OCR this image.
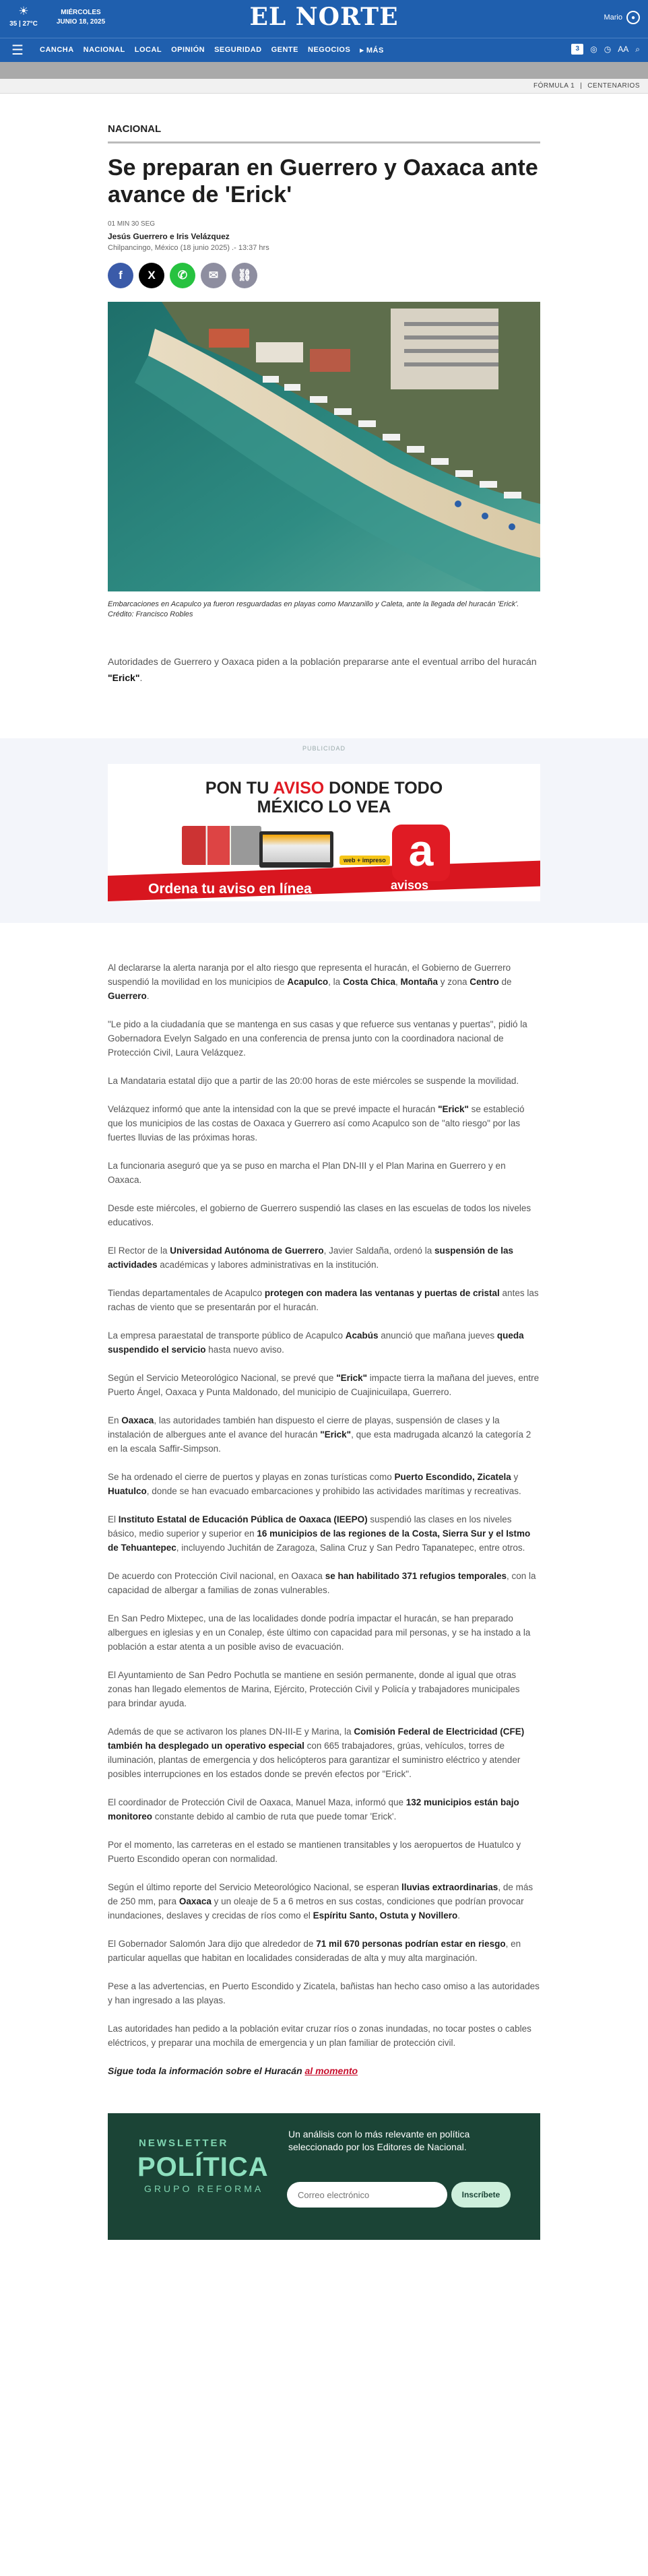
☀
35 | 27°C
MIÉRCOLES
JUNIO 18, 2025	EL NORTE	Mario	●
☰	CANCHA	NACIONAL	LOCAL	OPINIÓN	SEGURIDAD	GENTE	NEGOCIOS	▸ MÁS	3	◎ ◷ AA ⌕
FÓRMULA 1 | CENTENARIOS
NACIONAL
Se preparan en Guerrero y Oaxaca ante avance de 'Erick'
01 MIN 30 SEG
Jesús Guerrero e Iris Velázquez
Chilpancingo, México (18 junio 2025) .- 13:37 hrs
f	X	✆	✉	⛓
Embarcaciones en Acapulco ya fueron resguardadas en playas como Manzanillo y Caleta, ante la llegada del huracán 'Erick'. Crédito: Francisco Robles

Autoridades de Guerrero y Oaxaca piden a la población prepararse ante el eventual arribo del huracán "Erick".

PUBLICIDAD
PON TU AVISO DONDE TODO
MÉXICO LO VEA
web + impreso
Ordena tu aviso en línea
a
avisos

Al declararse la alerta naranja por el alto riesgo que representa el huracán, el Gobierno de Guerrero suspendió la movilidad en los municipios de Acapulco, la Costa Chica, Montaña y zona Centro de Guerrero.

"Le pido a la ciudadanía que se mantenga en sus casas y que refuerce sus ventanas y puertas", pidió la Gobernadora Evelyn Salgado en una conferencia de prensa junto con la coordinadora nacional de Protección Civil, Laura Velázquez.

La Mandataria estatal dijo que a partir de las 20:00 horas de este miércoles se suspende la movilidad.

Velázquez informó que ante la intensidad con la que se prevé impacte el huracán "Erick" se estableció que los municipios de las costas de Oaxaca y Guerrero así como Acapulco son de "alto riesgo" por las fuertes lluvias de las próximas horas.

La funcionaria aseguró que ya se puso en marcha el Plan DN-III y el Plan Marina en Guerrero y en Oaxaca.

Desde este miércoles, el gobierno de Guerrero suspendió las clases en las escuelas de todos los niveles educativos.

El Rector de la Universidad Autónoma de Guerrero, Javier Saldaña, ordenó la suspensión de las actividades académicas y labores administrativas en la institución.

Tiendas departamentales de Acapulco protegen con madera las ventanas y puertas de cristal antes las rachas de viento que se presentarán por el huracán.

La empresa paraestatal de transporte público de Acapulco Acabús anunció que mañana jueves queda suspendido el servicio hasta nuevo aviso.

Según el Servicio Meteorológico Nacional, se prevé que "Erick" impacte tierra la mañana del jueves, entre Puerto Ángel, Oaxaca y Punta Maldonado, del municipio de Cuajinicuilapa, Guerrero.

En Oaxaca, las autoridades también han dispuesto el cierre de playas, suspensión de clases y la instalación de albergues ante el avance del huracán "Erick", que esta madrugada alcanzó la categoría 2 en la escala Saffir-Simpson.

Se ha ordenado el cierre de puertos y playas en zonas turísticas como Puerto Escondido, Zicatela y Huatulco, donde se han evacuado embarcaciones y prohibido las actividades marítimas y recreativas.

El Instituto Estatal de Educación Pública de Oaxaca (IEEPO) suspendió las clases en los niveles básico, medio superior y superior en 16 municipios de las regiones de la Costa, Sierra Sur y el Istmo de Tehuantepec, incluyendo Juchitán de Zaragoza, Salina Cruz y San Pedro Tapanatepec, entre otros.

De acuerdo con Protección Civil nacional, en Oaxaca se han habilitado 371 refugios temporales, con la capacidad de albergar a familias de zonas vulnerables.

En San Pedro Mixtepec, una de las localidades donde podría impactar el huracán, se han preparado albergues en iglesias y en un Conalep, éste último con capacidad para mil personas, y se ha instado a la población a estar atenta a un posible aviso de evacuación.

El Ayuntamiento de San Pedro Pochutla se mantiene en sesión permanente, donde al igual que otras zonas han llegado elementos de Marina, Ejército, Protección Civil y Policía y trabajadores municipales para brindar ayuda.

Además de que se activaron los planes DN-III-E y Marina, la Comisión Federal de Electricidad (CFE) también ha desplegado un operativo especial con 665 trabajadores, grúas, vehículos, torres de iluminación, plantas de emergencia y dos helicópteros para garantizar el suministro eléctrico y atender posibles interrupciones en los estados donde se prevén efectos por "Erick".

El coordinador de Protección Civil de Oaxaca, Manuel Maza, informó que 132 municipios están bajo monitoreo constante debido al cambio de ruta que puede tomar 'Erick'.

Por el momento, las carreteras en el estado se mantienen transitables y los aeropuertos de Huatulco y Puerto Escondido operan con normalidad.

Según el último reporte del Servicio Meteorológico Nacional, se esperan lluvias extraordinarias, de más de 250 mm, para Oaxaca y un oleaje de 5 a 6 metros en sus costas, condiciones que podrían provocar inundaciones, deslaves y crecidas de ríos como el Espíritu Santo, Ostuta y Novillero.

El Gobernador Salomón Jara dijo que alrededor de 71 mil 670 personas podrían estar en riesgo, en particular aquellas que habitan en localidades consideradas de alta y muy alta marginación.

Pese a las advertencias, en Puerto Escondido y Zicatela, bañistas han hecho caso omiso a las autoridades y han ingresado a las playas.

Las autoridades han pedido a la población evitar cruzar ríos o zonas inundadas, no tocar postes o cables eléctricos, y preparar una mochila de emergencia y un plan familiar de protección civil.

Sigue toda la información sobre el Huracán al momento

NEWSLETTER
POLÍTICA
GRUPO REFORMA
Un análisis con lo más relevante en política seleccionado por los Editores de Nacional.
Correo electrónico
Inscríbete
